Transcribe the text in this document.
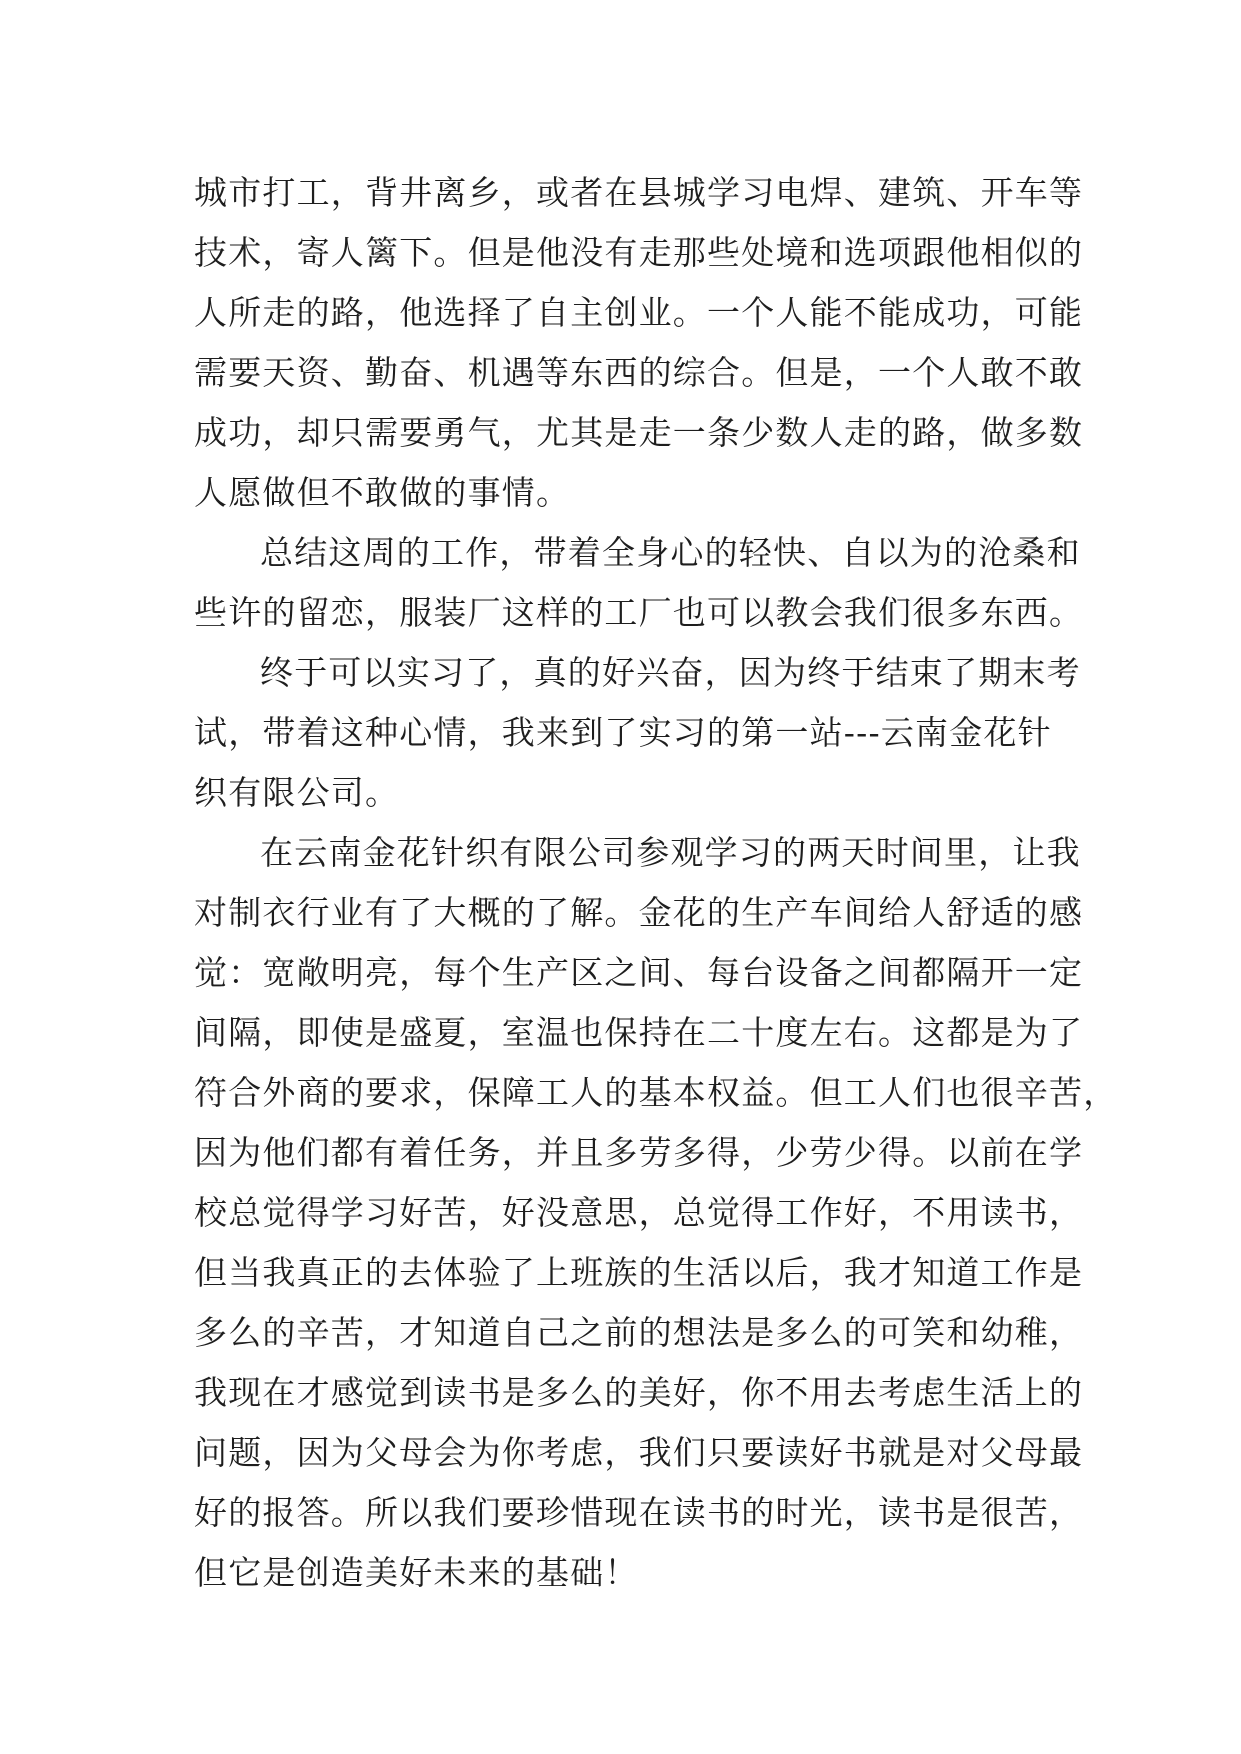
城市打工，背井离乡，或者在县城学习电焊、建筑、开车等
技术，寄人篱下。但是他没有走那些处境和选项跟他相似的
人所走的路，他选择了自主创业。一个人能不能成功，可能
需要天资、勤奋、机遇等东西的综合。但是，一个人敢不敢
成功，却只需要勇气，尤其是走一条少数人走的路，做多数
人愿做但不敢做的事情。
总结这周的工作，带着全身心的轻快、自以为的沧桑和
些许的留恋，服装厂这样的工厂也可以教会我们很多东西。
终于可以实习了，真的好兴奋，因为终于结束了期末考
试，带着这种心情，我来到了实习的第一站---云南金花针
织有限公司。
在云南金花针织有限公司参观学习的两天时间里，让我
对制衣行业有了大概的了解。金花的生产车间给人舒适的感
觉：宽敞明亮，每个生产区之间、每台设备之间都隔开一定
间隔，即使是盛夏，室温也保持在二十度左右。这都是为了
符合外商的要求，保障工人的基本权益。但工人们也很辛苦，
因为他们都有着任务，并且多劳多得，少劳少得。以前在学
校总觉得学习好苦，好没意思，总觉得工作好，不用读书，
但当我真正的去体验了上班族的生活以后，我才知道工作是
多么的辛苦，才知道自己之前的想法是多么的可笑和幼稚，
我现在才感觉到读书是多么的美好，你不用去考虑生活上的
问题，因为父母会为你考虑，我们只要读好书就是对父母最
好的报答。所以我们要珍惜现在读书的时光，读书是很苦，
但它是创造美好未来的基础！
